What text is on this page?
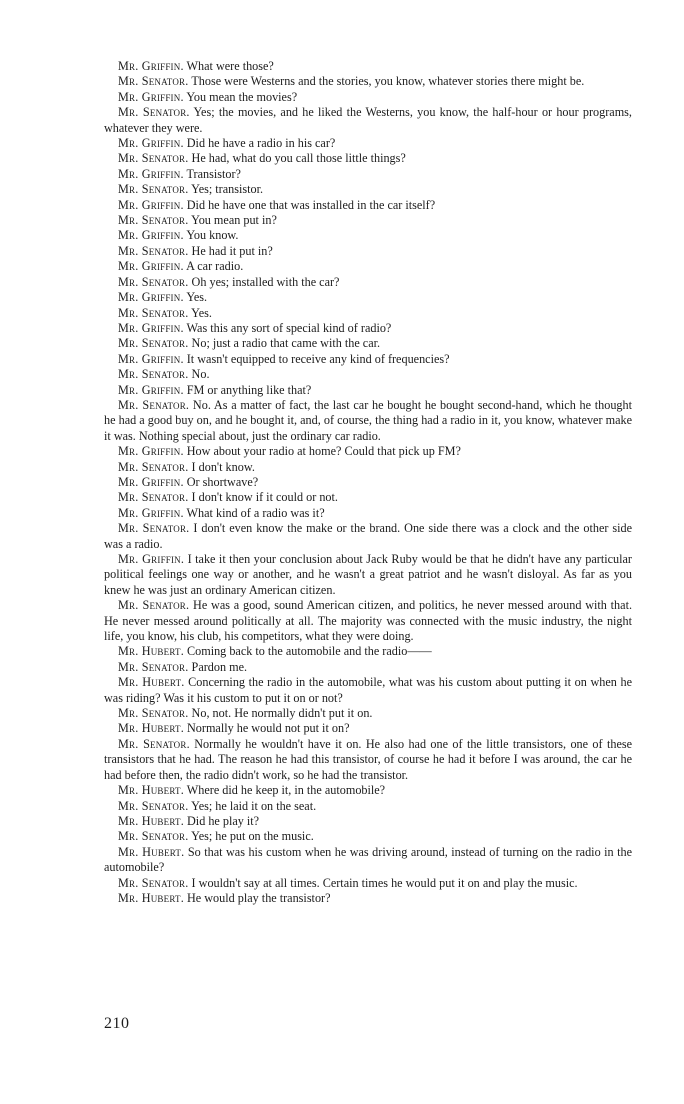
Mr. Griffin. What were those?

Mr. Senator. Those were Westerns and the stories, you know, whatever stories there might be.

Mr. Griffin. You mean the movies?

Mr. Senator. Yes; the movies, and he liked the Westerns, you know, the half-hour or hour programs, whatever they were.

Mr. Griffin. Did he have a radio in his car?

Mr. Senator. He had, what do you call those little things?

Mr. Griffin. Transistor?

Mr. Senator. Yes; transistor.

Mr. Griffin. Did he have one that was installed in the car itself?

Mr. Senator. You mean put in?

Mr. Griffin. You know.

Mr. Senator. He had it put in?

Mr. Griffin. A car radio.

Mr. Senator. Oh yes; installed with the car?

Mr. Griffin. Yes.

Mr. Senator. Yes.

Mr. Griffin. Was this any sort of special kind of radio?

Mr. Senator. No; just a radio that came with the car.

Mr. Griffin. It wasn't equipped to receive any kind of frequencies?

Mr. Senator. No.

Mr. Griffin. FM or anything like that?

Mr. Senator. No. As a matter of fact, the last car he bought he bought second-hand, which he thought he had a good buy on, and he bought it, and, of course, the thing had a radio in it, you know, whatever make it was. Nothing special about, just the ordinary car radio.

Mr. Griffin. How about your radio at home? Could that pick up FM?

Mr. Senator. I don't know.

Mr. Griffin. Or shortwave?

Mr. Senator. I don't know if it could or not.

Mr. Griffin. What kind of a radio was it?

Mr. Senator. I don't even know the make or the brand. One side there was a clock and the other side was a radio.

Mr. Griffin. I take it then your conclusion about Jack Ruby would be that he didn't have any particular political feelings one way or another, and he wasn't a great patriot and he wasn't disloyal. As far as you knew he was just an ordinary American citizen.

Mr. Senator. He was a good, sound American citizen, and politics, he never messed around with that. He never messed around politically at all. The majority was connected with the music industry, the night life, you know, his club, his competitors, what they were doing.

Mr. Hubert. Coming back to the automobile and the radio——

Mr. Senator. Pardon me.

Mr. Hubert. Concerning the radio in the automobile, what was his custom about putting it on when he was riding? Was it his custom to put it on or not?

Mr. Senator. No, not. He normally didn't put it on.

Mr. Hubert. Normally he would not put it on?

Mr. Senator. Normally he wouldn't have it on. He also had one of the little transistors, one of these transistors that he had. The reason he had this transistor, of course he had it before I was around, the car he had before then, the radio didn't work, so he had the transistor.

Mr. Hubert. Where did he keep it, in the automobile?

Mr. Senator. Yes; he laid it on the seat.

Mr. Hubert. Did he play it?

Mr. Senator. Yes; he put on the music.

Mr. Hubert. So that was his custom when he was driving around, instead of turning on the radio in the automobile?

Mr. Senator. I wouldn't say at all times. Certain times he would put it on and play the music.

Mr. Hubert. He would play the transistor?

210
